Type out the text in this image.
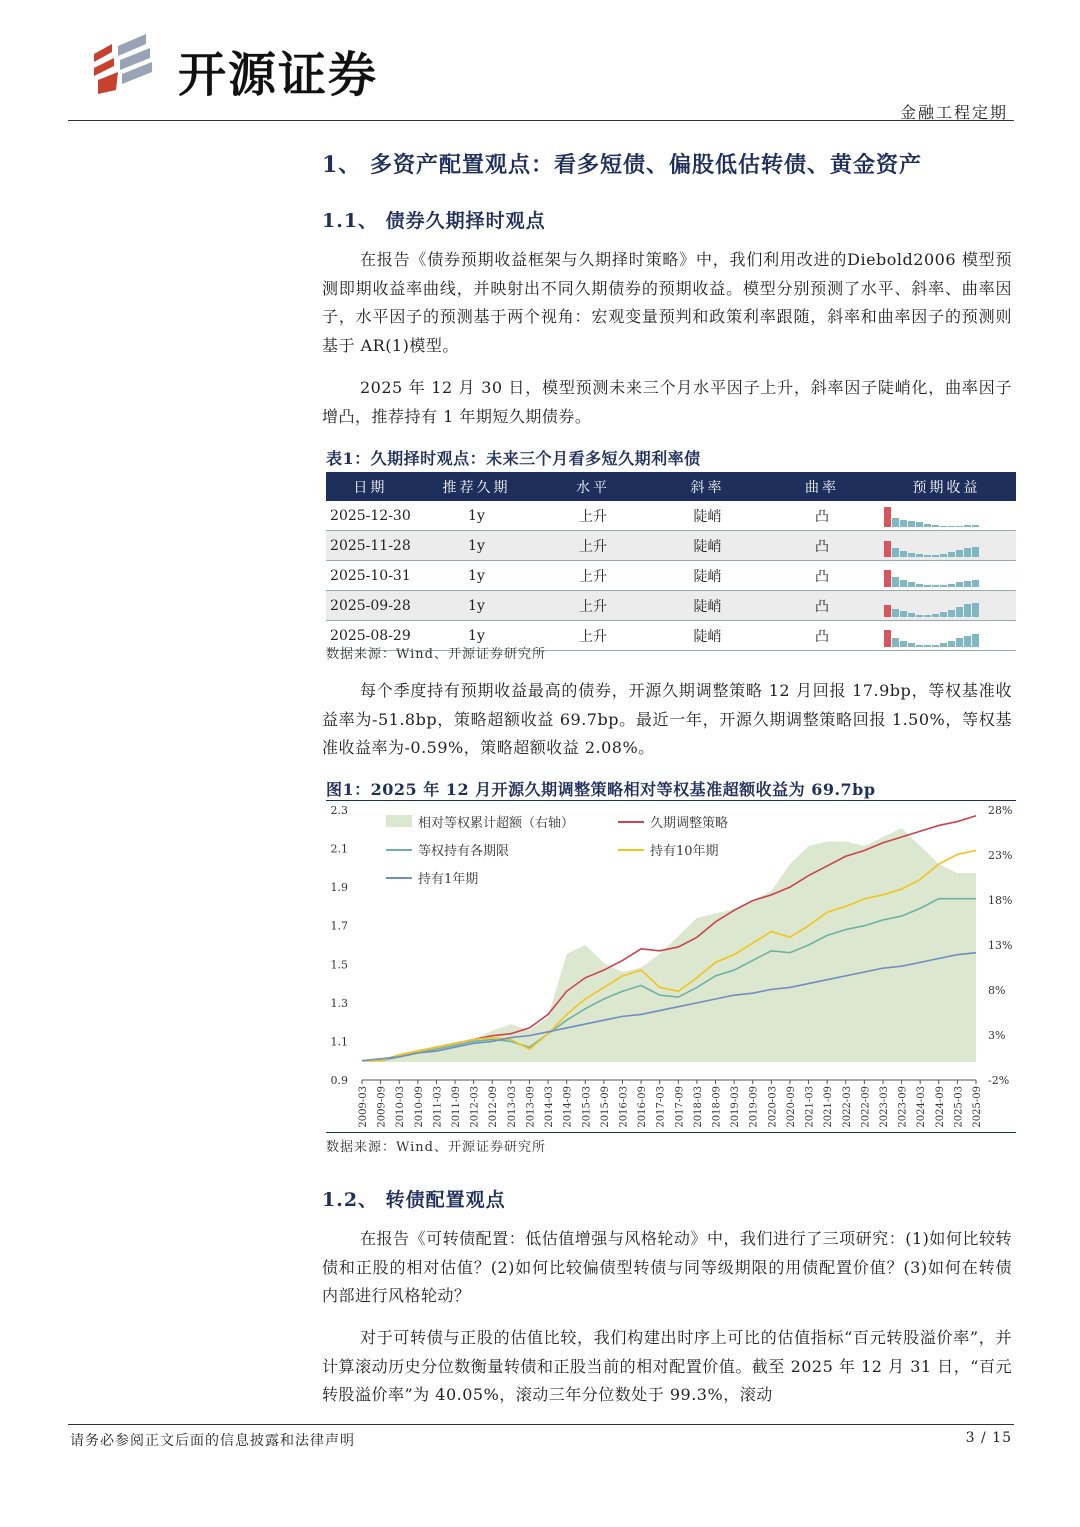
开源证券
金融工程定期
1、 多资产配置观点：看多短债、偏股低估转债、黄金资产
1.1、 债券久期择时观点
在报告《债券预期收益框架与久期择时策略》中，我们利用改进的Diebold2006 模型预测即期收益率曲线，并映射出不同久期债券的预期收益。模型分别预测了水平、斜率、曲率因子，水平因子的预测基于两个视角：宏观变量预判和政策利率跟随，斜率和曲率因子的预测则基于 AR(1)模型。
2025 年 12 月 30 日，模型预测未来三个月水平因子上升，斜率因子陡峭化，曲率因子增凸，推荐持有 1 年期短久期债券。
表1：久期择时观点：未来三个月看多短久期利率债
日期	推荐久期	水平	斜率	曲率	预期收益
2025-12-30	1y	上升	陡峭	凸	

2025-11-28	1y	上升	陡峭	凸	

2025-10-31	1y	上升	陡峭	凸	

2025-09-28	1y	上升	陡峭	凸	

2025-08-29	1y	上升	陡峭	凸	
数据来源：Wind、开源证券研究所
每个季度持有预期收益最高的债券，开源久期调整策略 12 月回报 17.9bp，等权基准收益率为-51.8bp，策略超额收益 69.7bp。最近一年，开源久期调整策略回报 1.50%，等权基准收益率为-0.59%，策略超额收益 2.08%。
图1：2025 年 12 月开源久期调整策略相对等权基准超额收益为 69.7bp
0.9
1.1
1.3
1.5
1.7
1.9
2.1
2.3
-2%
3%
8%
13%
18%
23%
28%
2009-03 2009-09 2010-03 2010-09 2011-03 2011-09 2012-03 2012-09 2013-03 2013-09 2014-03 2014-09 2015-03 2015-09 2016-03 2016-09 2017-03 2017-09 2018-03 2018-09 2019-03 2019-09 2020-03 2020-09 2021-03 2021-09 2022-03 2022-09 2023-03 2023-09 2024-03 2024-09 2025-03 2025-09
相对等权累计超额（右轴）	久期调整策略
等权持有各期限	持有10年期
持有1年期
数据来源：Wind、开源证券研究所
1.2、 转债配置观点
在报告《可转债配置：低估值增强与风格轮动》中，我们进行了三项研究：(1)如何比较转债和正股的相对估值？(2)如何比较偏债型转债与同等级期限的用债配置价值？(3)如何在转债内部进行风格轮动？
对于可转债与正股的估值比较，我们构建出时序上可比的估值指标“百元转股溢价率”，并计算滚动历史分位数衡量转债和正股当前的相对配置价值。截至 2025 年 12 月 31 日，“百元转股溢价率”为 40.05%，滚动三年分位数处于 99.3%，滚动
请务必参阅正文后面的信息披露和法律声明	3 / 15
